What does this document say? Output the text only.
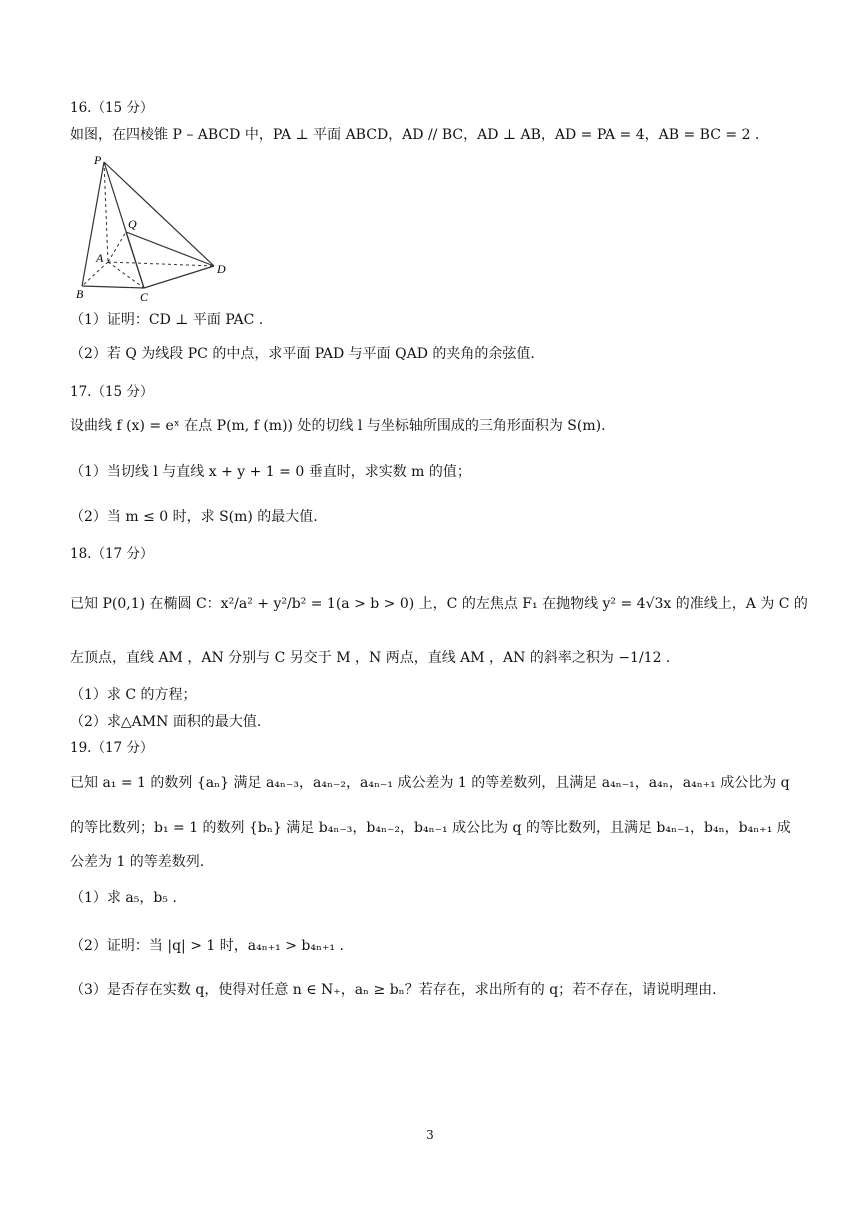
16.（15 分）
如图，在四棱锥 P – ABCD 中，PA ⊥ 平面 ABCD，AD // BC，AD ⊥ AB，AD = PA = 4，AB = BC = 2 .
P
Q
A
D
B	C
（1）证明：CD ⊥ 平面 PAC .
（2）若 Q 为线段 PC 的中点，求平面 PAD 与平面 QAD 的夹角的余弦值.
17.（15 分）
设曲线 f (x) = eˣ 在点 P(m, f (m)) 处的切线 l 与坐标轴所围成的三角形面积为 S(m).
（1）当切线 l 与直线 x + y + 1 = 0 垂直时，求实数 m 的值；
（2）当 m ≤ 0 时，求 S(m) 的最大值.
18.（17 分）
已知 P(0,1) 在椭圆 C：x²/a² + y²/b² = 1(a > b > 0) 上，C 的左焦点 F₁ 在抛物线 y² = 4√3x 的准线上，A 为 C 的
左顶点，直线 AM ，AN 分别与 C 另交于 M ，N 两点，直线 AM ，AN 的斜率之积为 −1/12 .
（1）求 C 的方程；
（2）求△AMN 面积的最大值.
19.（17 分）
已知 a₁ = 1 的数列 {aₙ} 满足 a₄ₙ₋₃，a₄ₙ₋₂，a₄ₙ₋₁ 成公差为 1 的等差数列，且满足 a₄ₙ₋₁，a₄ₙ，a₄ₙ₊₁ 成公比为 q
的等比数列；b₁ = 1 的数列 {bₙ} 满足 b₄ₙ₋₃，b₄ₙ₋₂，b₄ₙ₋₁ 成公比为 q 的等比数列，且满足 b₄ₙ₋₁，b₄ₙ，b₄ₙ₊₁ 成
公差为 1 的等差数列.
（1）求 a₅，b₅ .
（2）证明：当 |q| > 1 时，a₄ₙ₊₁ > b₄ₙ₊₁ .
（3）是否存在实数 q，使得对任意 n ∈ N₊，aₙ ≥ bₙ？若存在，求出所有的 q；若不存在，请说明理由.
3
